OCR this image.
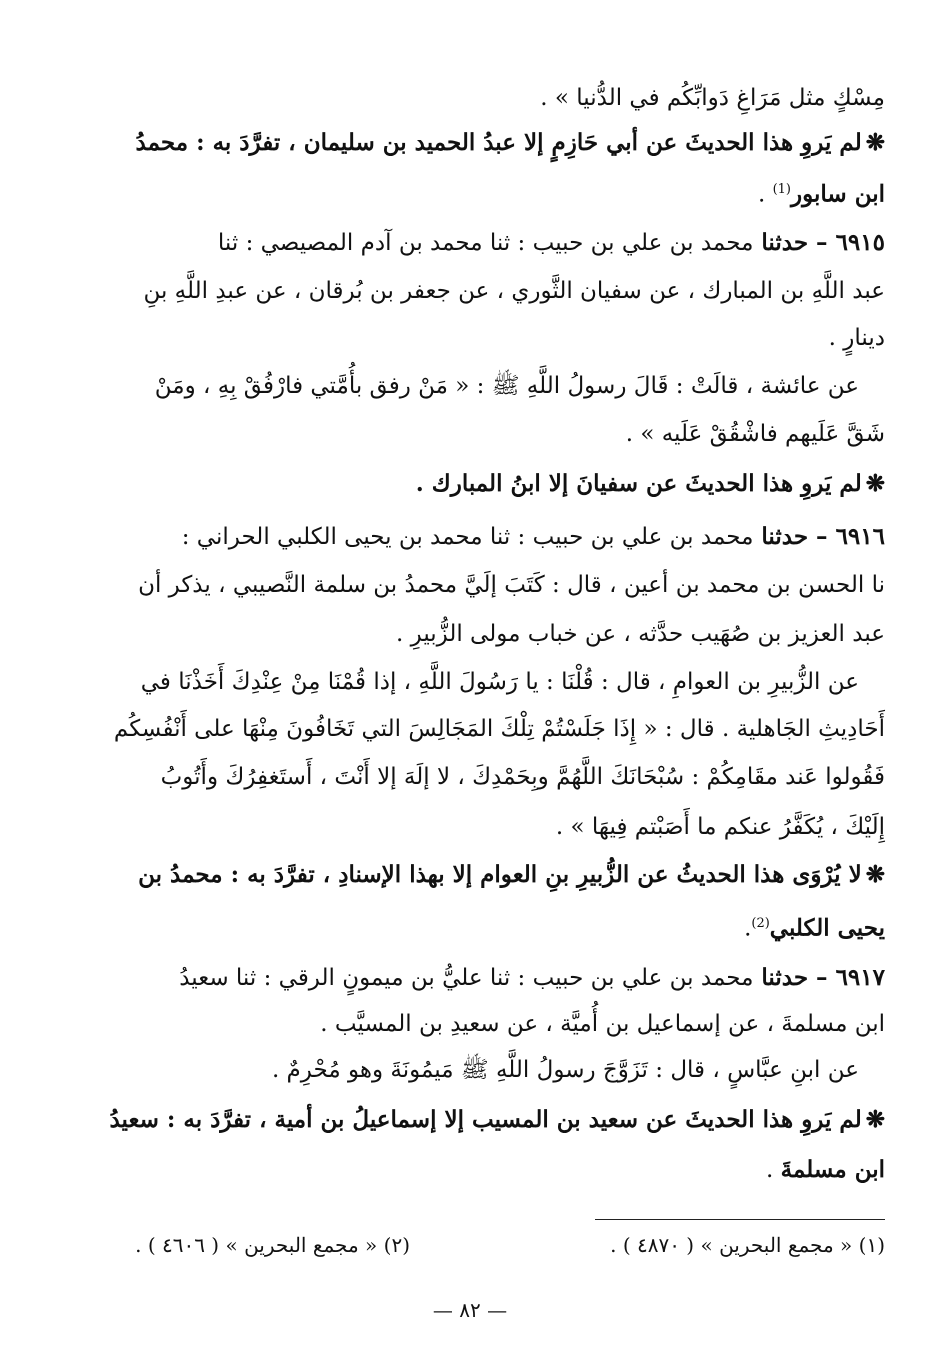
مِسْكٍ مثل مَرَاغِ دَوابِّكُم في الدُّنيا » .
❋لم يَروِ هذا الحديثَ عن أبي حَازِمٍ إلا عبدُ الحميد بن سليمان ، تفرَّدَ به : محمدُ
ابن سابور$^{(1)}$ .
٦٩١٥ – حدثنا محمد بن علي بن حبيب : ثنا محمد بن آدم المصيصي : ثنا
عبد اللَّهِ بن المبارك ، عن سفيان الثَّوري ، عن جعفر بن بُرقان ، عن عبدِ اللَّهِ بنِ
دينارٍ .
عن عائشة ، قالَتْ : قَالَ رسولُ اللَّهِ ﷺ : « مَنْ رفق بأُمَّتي فارْفُقْ بِهِ ، ومَنْ
شَقَّ عَلَيهم فاشْقُقْ عَلَيه » .
❋لم يَروِ هذا الحديثَ عن سفيانَ إلا ابنُ المبارك .
٦٩١٦ – حدثنا محمد بن علي بن حبيب : ثنا محمد بن يحيى الكلبي الحراني :
نا الحسن بن محمد بن أعين ، قال : كَتَبَ إلَيَّ محمدُ بن سلمة النَّصيبي ، يذكر أن
عبد العزيز بن صُهَيب حدَّثه ، عن خباب مولى الزُّبيرِ .
عن الزُّبيرِ بن العوامِ ، قال : قُلْنَا : يا رَسُولَ اللَّهِ ، إذا قُمْنَا مِنْ عِنْدِكَ أَخَذْنَا في
أَحَادِيثِ الجَاهلية . قال : « إِذَا جَلَسْتُمْ تِلْكَ المَجَالِسَ التي تَخَافُونَ مِنْهَا على أَنْفُسِكُم
فَقُولوا عَند مقَامِكُمْ : سُبْحَانَكَ اللَّهُمَّ وبِحَمْدِكَ ، لا إلَهَ إلا أَنْتَ ، أَستَغفِرُكَ وأَتُوبُ
إِلَيْكَ ، يُكَفَّرُ عنكم ما أَصَبْتم فِيهَا » .
❋لا يُرْوَى هذا الحديثُ عن الزُّبيرِ بنِ العوام إلا بهذا الإسنادِ ، تفرَّدَ به : محمدُ بن
يحيى الكلبي$^{(2)}$.
٦٩١٧ – حدثنا محمد بن علي بن حبيب : ثنا عليُّ بن ميمونٍ الرقي : ثنا سعيدُ
ابن مسلمةَ ، عن إسماعيل بن أُميَّة ، عن سعيدِ بن المسيَّب .
عن ابنِ عبَّاسٍ ، قال : تَزَوَّجَ رسولُ اللَّهِ ﷺ مَيمُونَةَ وهو مُحْرِمٌ .
❋لم يَروِ هذا الحديثَ عن سعيد بن المسيب إلا إسماعيلُ بن أمية ، تفرَّدَ به : سعيدُ
ابن مسلمةَ .
(١) « مجمع البحرين » ( ٤٨٧٠ ) .
(٢) « مجمع البحرين » ( ٤٦٠٦ ) .
— ٨٢ —
